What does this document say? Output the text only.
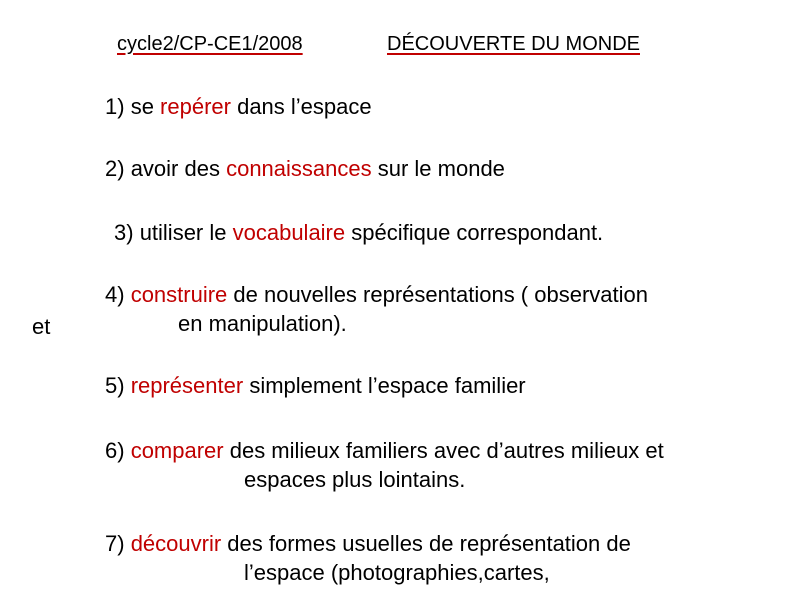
cycle2/CP-CE1/2008	DÉCOUVERTE DU MONDE
et
1) se repérer dans l’espace
2) avoir des connaissances sur le monde
3) utiliser le vocabulaire spécifique correspondant.
4) construire de nouvelles représentations ( observation
en manipulation).
5) représenter simplement l’espace familier
6) comparer des milieux familiers avec d’autres milieux et
espaces plus lointains.
7) découvrir des formes usuelles de représentation de
l’espace (photographies,cartes,
